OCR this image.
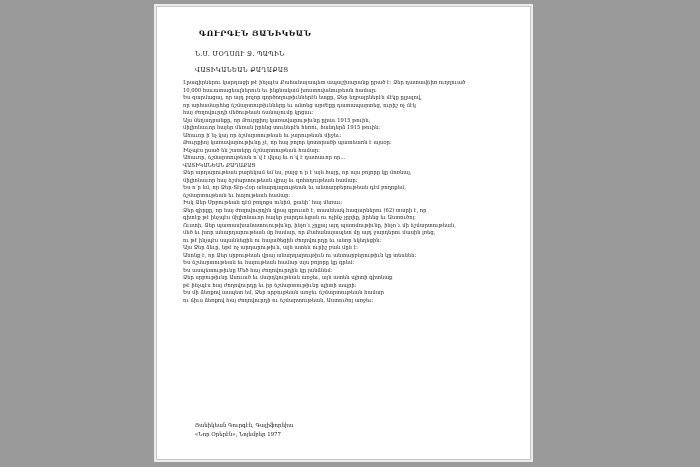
ԳՈՒՐԳԷՆ ՅԱՆԻԿԵԱՆ
Ն.Ս. ՄՕՂՍՈՒ Ջ. ՊԱՊԻՆ
ՎԱՏԻԿԱՆԵԱՆ ՔԱՂԱՔԱՑ

Լրագիրներու կարդացի թէ ինչպէս Քահանայապետ ապաշխարանք ըրած է: Ձեր դատավճիռ ուղղուած

10,000 հաւատացեալներուն եւ ինքնակամ խոստովանութեան համար:

Ես զարմացայ, որ այդ բոլոր գործողութիւններէն ետքը, Ձեր եղբայրներէն մէկը ըլլալով,

որ արհամարհեց ճշմարտութիւնները եւ անոնց արժէքը դատապարտեց, ուրիշ ոչ մէկ

հայ ժողովուրդի մեծութեան ճանաչումը կրցաւ:

Այս մեղադրանքը, որ Թուրքիոյ կառավարութիւնը ըրաւ 1915 թուին,

միլիոնաւոր հայեր մեռան իրենց տուներէն հեռու, հանդերձ 1915 թուին:

Ահաւոր ի՞նչ կայ որ ճշմարտութեան եւ չարութեան միջեւ:

Թուրքիոյ կառավարութիւնը չէ, որ հայ բոլոր կոտորածի պատճառն է այսօր:

Ինչպէս ըսած են շատերը ճշմարտութեան համար:

Ահաւոր, ճշմարտութեան ո՞վ է վկայ եւ ո՞վ է դատաւոր որ...

ՎԱՏԻԿԱՆԵԱՆ ՔԱՂԱՔԱՑ

Ձեր արդարութեան բարեկամ եմ ես, բայց ո՞ր է այն հայը, որ այս բոլորը կը մոռնայ,

միլիոնաւոր հայ ճշմարտութեան վրայ եւ զոհողութեան համար:

Ես ո՞ր եմ, որ Ձեր-Տէր-Հօր անարդարութեան եւ անտարբերութեան դէմ բողոքեմ,

ճշմարտութեան եւ հայութեան համար:

Իսկ Ձեր Սրբութեան դէմ բողոքս ունիմ, քանի՞ հայ մեռաւ:

Ձեր գիրքը, որ հայ ժողովուրդին վրայ գրուած է, տասնեակ հազարներու (62) տարի է, որ

գիտէք թէ ինչպէս միլիոնաւոր հայեր ջարդուեցան ու ոչինչ չըրիք, իրենց եւ Աստուծոյ:

Ուստի, Ձեր պատասխանատուութիւնը, ինչո՞ւ չըլլայ այդ պատմութիւնը, ինչո՞ւ մի ճշմարտութեան,

մեծ եւ խոր անարդարութեան մը համար, որ Քահանայապետ մը այդ ջարդերու մասին լռեց,

ու թէ ինչպէս սպաննեցին ու հալածեցին ժողովուրդը եւ անոր եկեղեցին:

Այս Ձեր ձեւը, եթէ ոչ արդարութիւն, այն ատեն ուրիշ բան մըն է:

Անոնք է, որ Ձեր սրբութեան վրայ անարդարութիւն ու անտարբերութիւն կը տեսնեն:

Ես ճշմարտութեան եւ հայութեան համար այս բոլորը կը գրեմ:

Ես ասպետութիւնը Մեծ հայ ժողովուրդին կը յանձնեմ:

Ձեր սրբութիւնը Ասուած եւ մարդկութեան առջեւ, այն ատեն պիտի գիտնաք

թէ ինչպէս հայ ժողովուրդը եւ իր ճշմարտութիւնը պիտի ապրի:

Ես մի ձեռքով ասպետ եմ, Ձեր սրբութեան առջեւ ճշմարտութեան համար

ու միւս ձեռքով հայ ժողովուրդի ու ճշմարտութեան, Աստուծոյ առջեւ:

Յանիկեան Գուրգէն, Գալիֆորնիա
«Նոր Օրերէն», Նոյեմբեր 1977
